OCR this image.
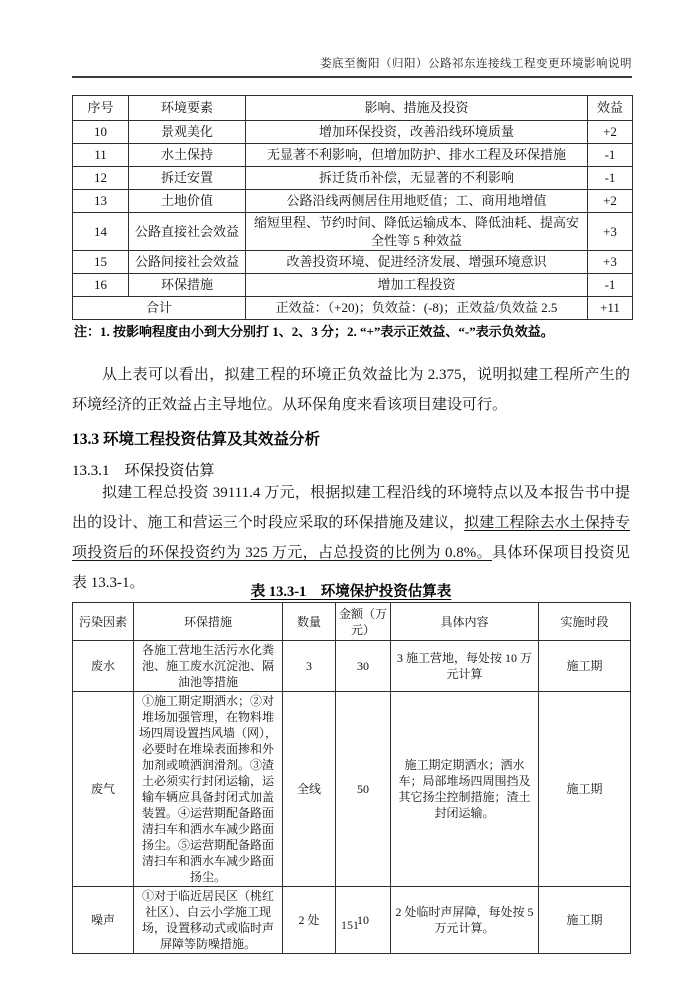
娄底至衡阳（归阳）公路祁东连接线工程变更环境影响说明
序号	环境要素	影响、措施及投资	效益
10	景观美化	增加环保投资，改善沿线环境质量	+2
11	水土保持	无显著不利影响，但增加防护、排水工程及环保措施	-1
12	拆迁安置	拆迁货币补偿，无显著的不利影响	-1
13	土地价值	公路沿线两侧居住用地贬值；工、商用地增值	+2
14	公路直接社会效益	缩短里程、节约时间、降低运输成本、降低油耗、提高安全性等 5 种效益	+3
15	公路间接社会效益	改善投资环境、促进经济发展、增强环境意识	+3
16	环保措施	增加工程投资	-1
合计		正效益：（+20)；负效益：(-8)；正效益/负效益 2.5	+11
注：1. 按影响程度由小到大分别打 1、2、3 分；2. “+”表示正效益、“-”表示负效益。

从上表可以看出，拟建工程的环境正负效益比为 2.375，说明拟建工程所产生的环境经济的正效益占主导地位。从环保角度来看该项目建设可行。

13.3 环境工程投资估算及其效益分析
13.3.1　环保投资估算

拟建工程总投资 39111.4 万元，根据拟建工程沿线的环境特点以及本报告书中提出的设计、施工和营运三个时段应采取的环保措施及建议，拟建工程除去水土保持专项投资后的环保投资约为 325 万元，占总投资的比例为 0.8%。具体环保项目投资见表 13.3-1。

表 13.3-1　环境保护投资估算表
污染因素	环保措施	数量	金额（万元）	具体内容	实施时段
废水	各施工营地生活污水化粪池、施工废水沉淀池、隔油池等措施	3	30	3 施工营地，每处按 10 万元计算	施工期
废气	①施工期定期洒水；②对堆场加强管理，在物料堆场四周设置挡风墙（网），必要时在堆垛表面掺和外加剂或喷洒润滑剂。③渣土必须实行封闭运输，运输车辆应具备封闭式加盖装置。④运营期配备路面清扫车和洒水车减少路面扬尘。⑤运营期配备路面清扫车和洒水车减少路面扬尘。	全线	50	施工期定期洒水；洒水车；局部堆场四周围挡及其它扬尘控制措施；渣土封闭运输。	施工期
噪声	①对于临近居民区（桃红社区）、白云小学施工现场，设置移动式或临时声屏障等防噪措施。	2 处	10	2 处临时声屏障，每处按 5 万元计算。	施工期
151
